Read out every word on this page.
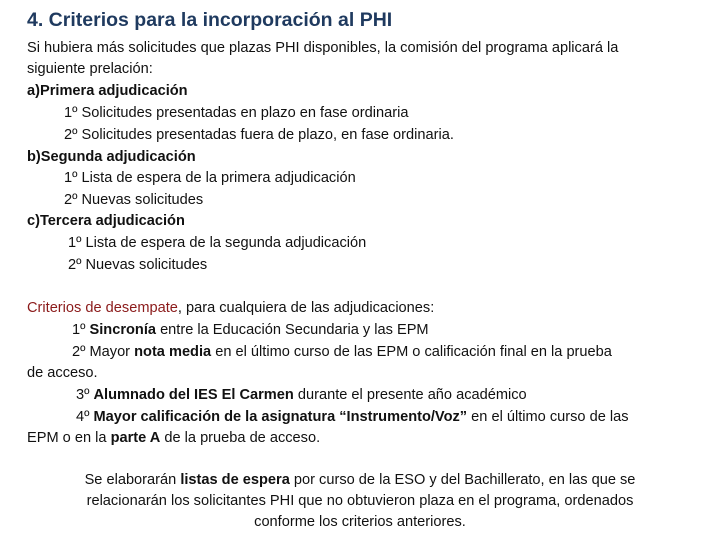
4. Criterios para la incorporación al PHI
Si hubiera más solicitudes que plazas PHI disponibles, la comisión del programa aplicará la
siguiente prelación:
a)Primera adjudicación
1º Solicitudes presentadas en plazo en fase ordinaria
2º Solicitudes presentadas fuera de plazo, en fase ordinaria.
b)Segunda adjudicación
1º Lista de espera de la primera adjudicación
2º Nuevas solicitudes
c)Tercera adjudicación
1º Lista de espera de la segunda adjudicación
2º Nuevas solicitudes
Criterios de desempate, para cualquiera de las adjudicaciones:
1º Sincronía entre la Educación Secundaria y las EPM
2º Mayor nota media en el último curso de las EPM o calificación final en la prueba
de acceso.
3º Alumnado del IES El Carmen durante el presente año académico
4º Mayor calificación de la asignatura “Instrumento/Voz” en el último curso de las
EPM o en la parte A de la prueba de acceso.
Se elaborarán listas de espera por curso de la ESO y del Bachillerato, en las que se
relacionarán los solicitantes PHI que no obtuvieron plaza en el programa, ordenados
conforme los criterios anteriores.
